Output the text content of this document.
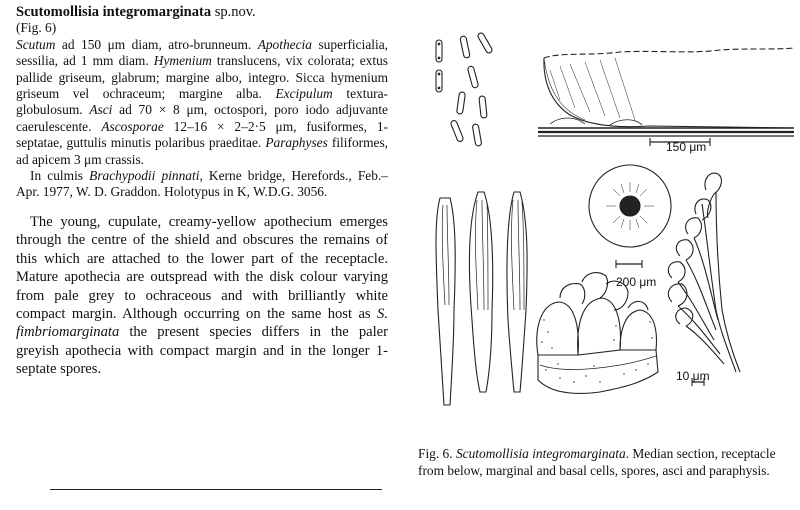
Scutomollisia integromarginata sp.nov.
(Fig. 6)

Scutum ad 150 μm diam, atro-brunneum. Apothecia superficialia, sessilia, ad 1 mm diam. Hymenium translucens, vix colorata; extus pallide griseum, glabrum; margine albo, integro. Sicca hymenium griseum vel ochraceum; margine alba. Excipulum textura-globulosum. Asci ad 70 × 8 μm, octospori, poro iodo adjuvante caerulescente. Ascosporae 12–16 × 2–2·5 μm, fusiformes, 1-septatae, guttulis minutis polaribus praeditae. Paraphyses filiformes, ad apicem 3 μm crassis.

In culmis Brachypodii pinnati, Kerne bridge, Herefords., Feb.–Apr. 1977, W. D. Graddon. Holotypus in K, W.D.G. 3056.

The young, cupulate, creamy-yellow apothecium emerges through the centre of the shield and obscures the remains of this which are attached to the lower part of the receptacle. Mature apothecia are outspread with the disk colour varying from pale grey to ochraceous and with brilliantly white compact margin. Although occurring on the same host as S. fimbriomarginata the present species differs in the paler greyish apothecia with compact margin and in the longer 1-septate spores.

150 μm
200 μm
10 μm
Fig. 6. Scutomollisia integromarginata. Median section, receptacle from below, marginal and basal cells, spores, asci and paraphysis.
